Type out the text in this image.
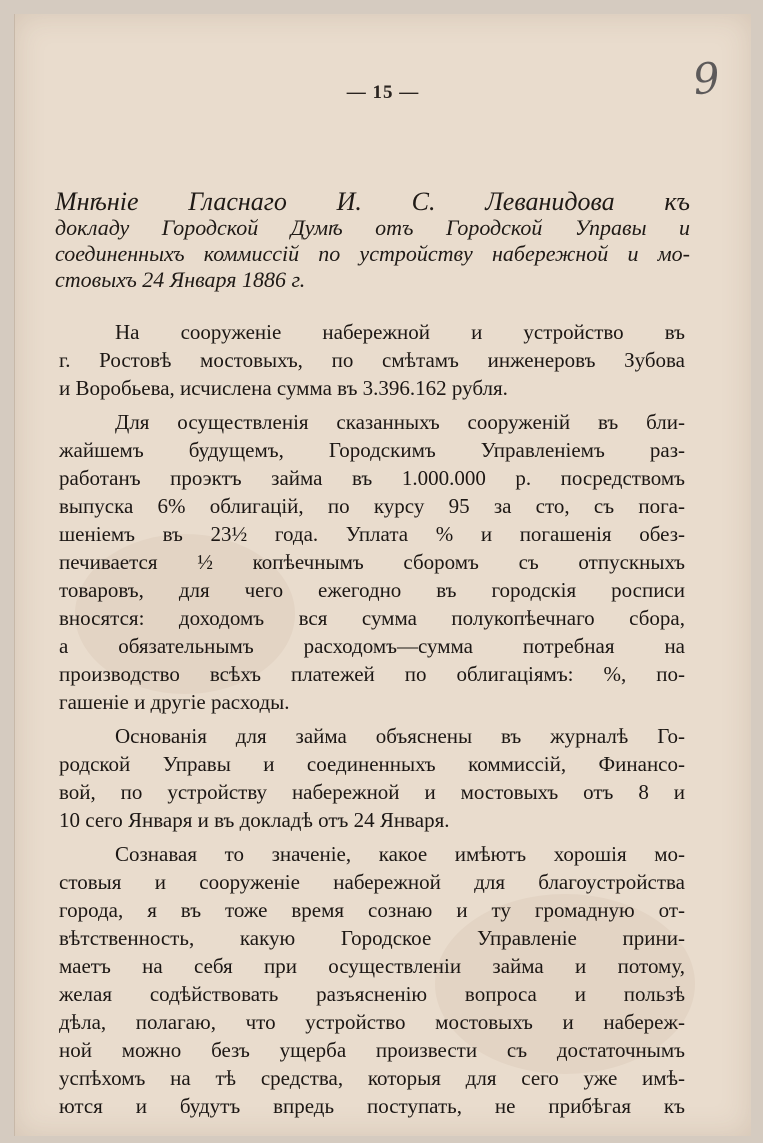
— 15 —	9
Мнѣніе Гласнаго И. С. Леванидова къ
докладу Городской Думѣ отъ Городской Управы и
соединенныхъ коммиссій по устройству набережной и мо-
стовыхъ 24 Января 1886 г.

На сооруженіе набережной и устройство въ
г. Ростовѣ мостовыхъ, по смѣтамъ инженеровъ Зубова
и Воробьева, исчислена сумма въ 3.396.162 рубля.

Для осуществленія сказанныхъ сооруженій въ бли-
жайшемъ будущемъ, Городскимъ Управленіемъ раз-
работанъ проэктъ займа въ 1.000.000 р. посредствомъ
выпуска 6% облигацій, по курсу 95 за сто, съ пога-
шеніемъ въ 23½ года. Уплата % и погашенія обез-
печивается ½ копѣечнымъ сборомъ съ отпускныхъ
товаровъ, для чего ежегодно въ городскія росписи
вносятся: доходомъ вся сумма полукопѣечнаго сбора,
а обязательнымъ расходомъ—сумма потребная на
производство всѣхъ платежей по облигаціямъ: %, по-
гашеніе и другіе расходы.

Основанія для займа объяснены въ журналѣ Го-
родской Управы и соединенныхъ коммиссій, Финансо-
вой, по устройству набережной и мостовыхъ отъ 8 и
10 сего Января и въ докладѣ отъ 24 Января.

Сознавая то значеніе, какое имѣютъ хорошія мо-
стовыя и сооруженіе набережной для благоустройства
города, я въ тоже время сознаю и ту громадную от-
вѣтственность, какую Городское Управленіе прини-
маетъ на себя при осуществленіи займа и потому,
желая содѣйствовать разъясненію вопроса и пользѣ
дѣла, полагаю, что устройство мостовыхъ и набереж-
ной можно безъ ущерба произвести съ достаточнымъ
успѣхомъ на тѣ средства, которыя для сего уже имѣ-
ются и будутъ впредь поступать, не прибѣгая къ
